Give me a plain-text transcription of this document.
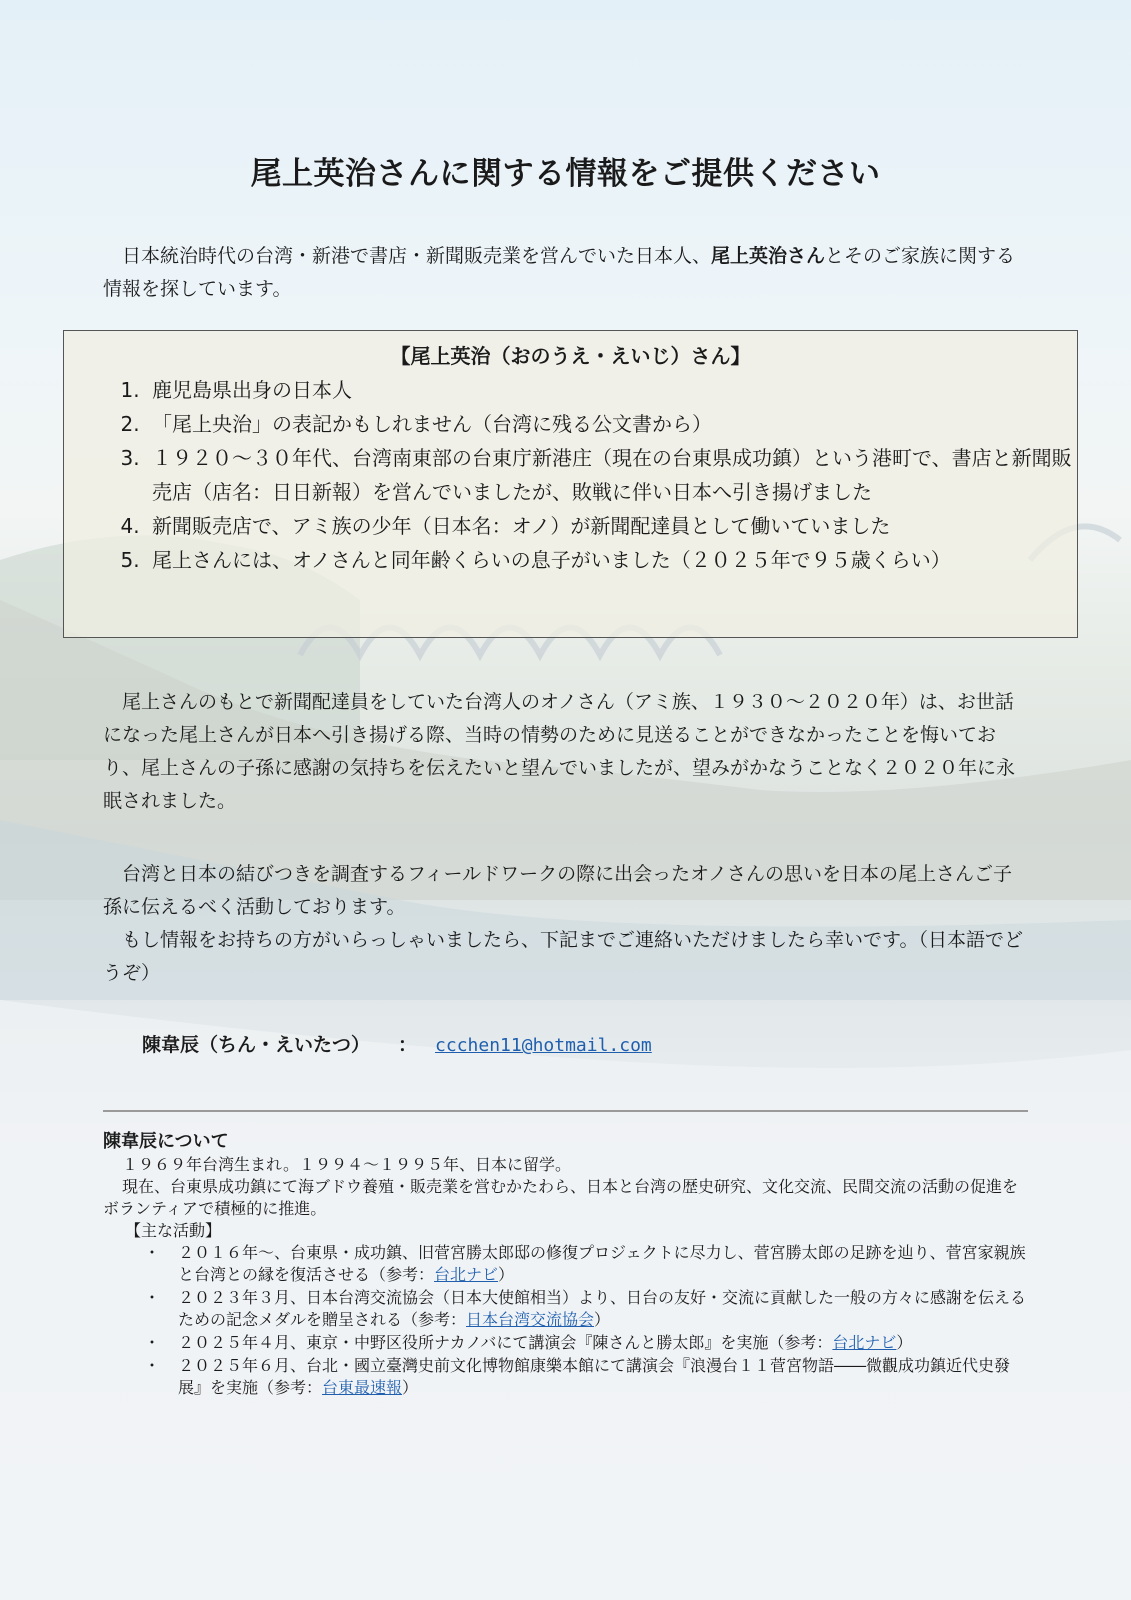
尾上英治さんに関する情報をご提供ください
日本統治時代の台湾・新港で書店・新聞販売業を営んでいた日本人、尾上英治さんとそのご家族に関する情報を探しています。
【尾上英治（おのうえ・えいじ）さん】
1. 鹿児島県出身の日本人
2. 「尾上央治」の表記かもしれません（台湾に残る公文書から）
3. １９２０～３０年代、台湾南東部の台東庁新港庄（現在の台東県成功鎮）という港町で、書店と新聞販売店（店名：日日新報）を営んでいましたが、敗戦に伴い日本へ引き揚げました
4. 新聞販売店で、アミ族の少年（日本名：オノ）が新聞配達員として働いていました
5. 尾上さんには、オノさんと同年齢くらいの息子がいました（２０２５年で９５歳くらい）
尾上さんのもとで新聞配達員をしていた台湾人のオノさん（アミ族、１９３０～２０２０年）は、お世話になった尾上さんが日本へ引き揚げる際、当時の情勢のために見送ることができなかったことを悔いており、尾上さんの子孫に感謝の気持ちを伝えたいと望んでいましたが、望みがかなうことなく２０２０年に永眠されました。
台湾と日本の結びつきを調査するフィールドワークの際に出会ったオノさんの思いを日本の尾上さんご子孫に伝えるべく活動しております。
もし情報をお持ちの方がいらっしゃいましたら、下記までご連絡いただけましたら幸いです。（日本語でどうぞ）
陳韋辰（ちん・えいたつ） ： ccchen11@hotmail.com
陳韋辰について

１９６９年台湾生まれ。１９９４～１９９５年、日本に留学。

現在、台東県成功鎮にて海ブドウ養殖・販売業を営むかたわら、日本と台湾の歴史研究、文化交流、民間交流の活動の促進をボランティアで積極的に推進。

【主な活動】
・ ２０１６年～、台東県・成功鎮、旧菅宮勝太郎邸の修復プロジェクトに尽力し、菅宮勝太郎の足跡を辿り、菅宮家親族と台湾との縁を復活させる（参考：台北ナビ）
・ ２０２３年３月、日本台湾交流協会（日本大使館相当）より、日台の友好・交流に貢献した一般の方々に感謝を伝えるための記念メダルを贈呈される（参考：日本台湾交流協会）
・ ２０２５年４月、東京・中野区役所ナカノバにて講演会『陳さんと勝太郎』を実施（参考：台北ナビ）
・ ２０２５年６月、台北・國立臺灣史前文化博物館康樂本館にて講演会『浪漫台１１菅宮物語――微觀成功鎮近代史發展』を実施（参考：台東最速報）
